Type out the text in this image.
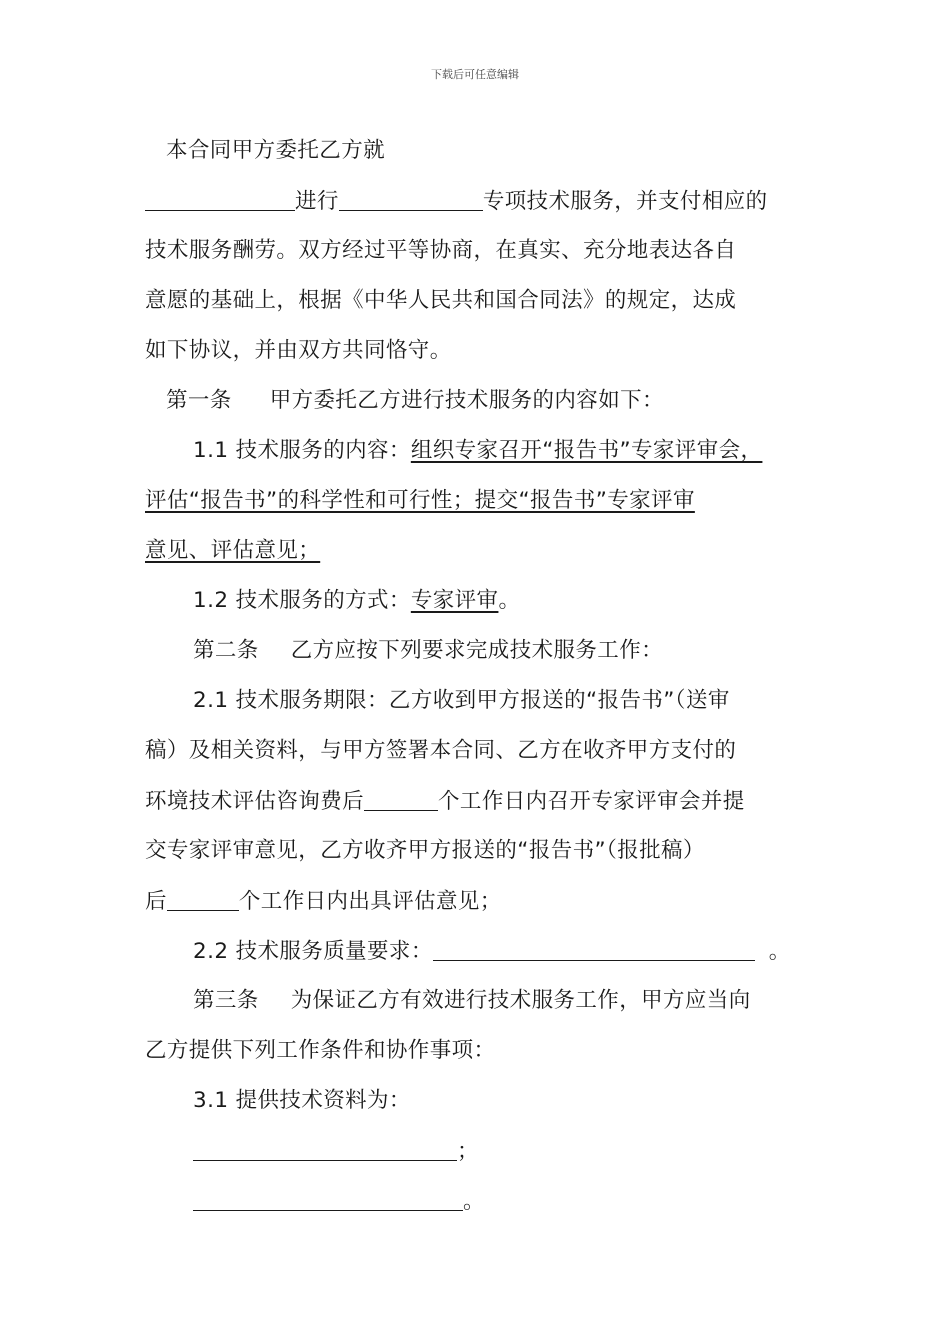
下载后可任意编辑
本合同甲方委托乙方就
进行	专项技术服务，并支付相应的
技术服务酬劳。双方经过平等协商，在真实、充分地表达各自
意愿的基础上，根据《中华人民共和国合同法》的规定，达成
如下协议，并由双方共同恪守。
第一条 甲方委托乙方进行技术服务的内容如下：
1.1 技术服务的内容：组织专家召开“报告书”专家评审会，
评估“报告书”的科学性和可行性；提交“报告书”专家评审
意见、评估意见；
1.2 技术服务的方式：专家评审。
第二条 乙方应按下列要求完成技术服务工作：
2.1 技术服务期限：乙方收到甲方报送的“报告书”（送审
稿）及相关资料，与甲方签署本合同、乙方在收齐甲方支付的
环境技术评估咨询费后	个工作日内召开专家评审会并提
交专家评审意见，乙方收齐甲方报送的“报告书”（报批稿）
后	个工作日内出具评估意见；
2.2 技术服务质量要求：	。
第三条 为保证乙方有效进行技术服务工作，甲方应当向
乙方提供下列工作条件和协作事项：
3.1 提供技术资料为：
；
。
